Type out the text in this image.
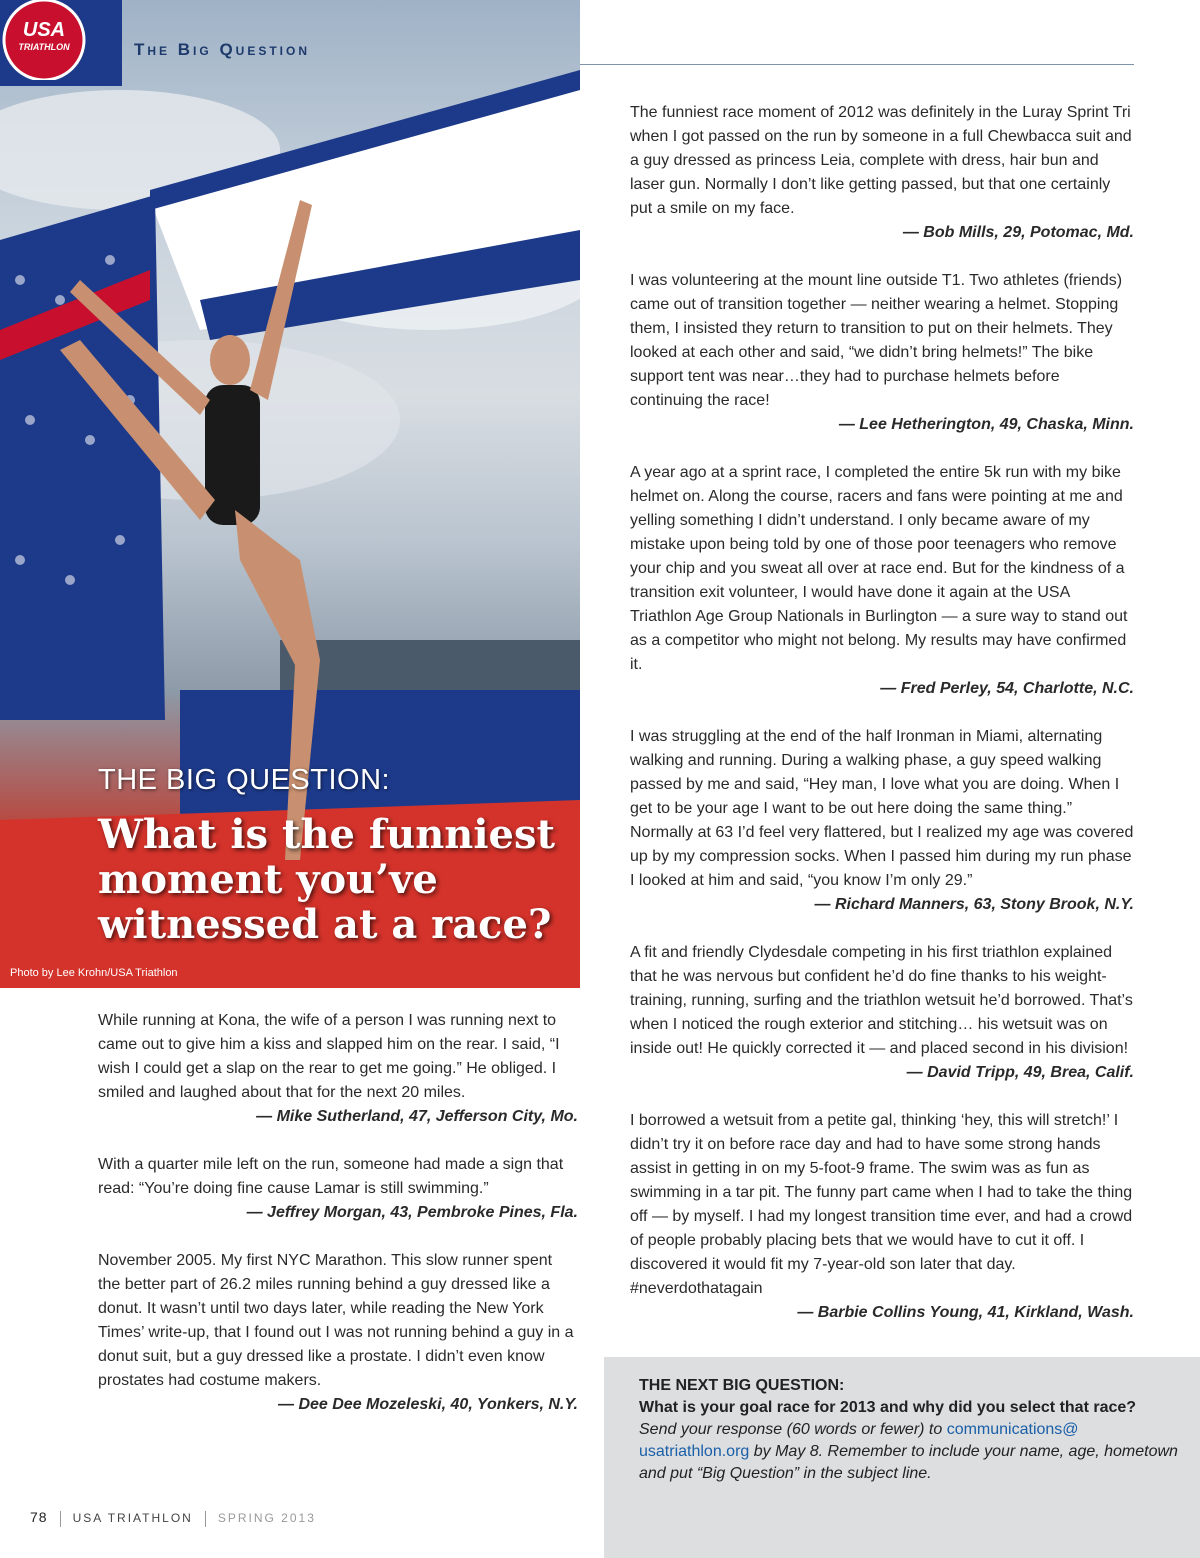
USA
TRIATHLON
THE BIG QUESTION:
What is the funniest moment you’ve witnessed at a race?
Photo by Lee Krohn/USA Triathlon
The Big Question

While running at Kona, the wife of a person I was running next to came out to give him a kiss and slapped him on the rear. I said, “I wish I could get a slap on the rear to get me going.” He obliged. I smiled and laughed about that for the next 20 miles.

— Mike Sutherland, 47, Jefferson City, Mo.

With a quarter mile left on the run, someone had made a sign that read: “You’re doing fine cause Lamar is still swimming.”

— Jeffrey Morgan, 43, Pembroke Pines, Fla.

November 2005. My first NYC Marathon. This slow runner spent the better part of 26.2 miles running behind a guy dressed like a donut. It wasn’t until two days later, while reading the New York Times’ write-up, that I found out I was not running behind a guy in a donut suit, but a guy dressed like a prostate. I didn’t even know prostates had costume makers.

— Dee Dee Mozeleski, 40, Yonkers, N.Y.

The funniest race moment of 2012 was definitely in the Luray Sprint Tri when I got passed on the run by someone in a full Chewbacca suit and a guy dressed as princess Leia, complete with dress, hair bun and laser gun. Normally I don’t like getting passed, but that one certainly put a smile on my face.

— Bob Mills, 29, Potomac, Md.

I was volunteering at the mount line outside T1. Two athletes (friends) came out of transition together — neither wearing a helmet. Stopping them, I insisted they return to transition to put on their helmets. They looked at each other and said, “we didn’t bring helmets!” The bike support tent was near…they had to purchase helmets before continuing the race!

— Lee Hetherington, 49, Chaska, Minn.

A year ago at a sprint race, I completed the entire 5k run with my bike helmet on. Along the course, racers and fans were pointing at me and yelling something I didn’t understand. I only became aware of my mistake upon being told by one of those poor teenagers who remove your chip and you sweat all over at race end. But for the kindness of a transition exit volunteer, I would have done it again at the USA Triathlon Age Group Nationals in Burlington — a sure way to stand out as a competitor who might not belong. My results may have confirmed it.

— Fred Perley, 54, Charlotte, N.C.

I was struggling at the end of the half Ironman in Miami, alternating walking and running. During a walking phase, a guy speed walking passed by me and said, “Hey man, I love what you are doing. When I get to be your age I want to be out here doing the same thing.” Normally at 63 I’d feel very flattered, but I realized my age was covered up by my compression socks. When I passed him during my run phase I looked at him and said, “you know I’m only 29.”

— Richard Manners, 63, Stony Brook, N.Y.

A fit and friendly Clydesdale competing in his first triathlon explained that he was nervous but confident he’d do fine thanks to his weight-training, running, surfing and the triathlon wetsuit he’d borrowed. That’s when I noticed the rough exterior and stitching… his wetsuit was on inside out! He quickly corrected it — and placed second in his division!

— David Tripp, 49, Brea, Calif.

I borrowed a wetsuit from a petite gal, thinking ‘hey, this will stretch!’ I didn’t try it on before race day and had to have some strong hands assist in getting in on my 5-foot-9 frame. The swim was as fun as swimming in a tar pit. The funny part came when I had to take the thing off — by myself. I had my longest transition time ever, and had a crowd of people probably placing bets that we would have to cut it off. I discovered it would fit my 7-year-old son later that day. #neverdothatagain

— Barbie Collins Young, 41, Kirkland, Wash.

THE NEXT BIG QUESTION:
What is your goal race for 2013 and why did you select that race?
Send your response (60 words or fewer) to communications@ usatriathlon.org by May 8. Remember to include your name, age, hometown and put “Big Question” in the subject line.
78 USA TRIATHLON SPRING 2013
